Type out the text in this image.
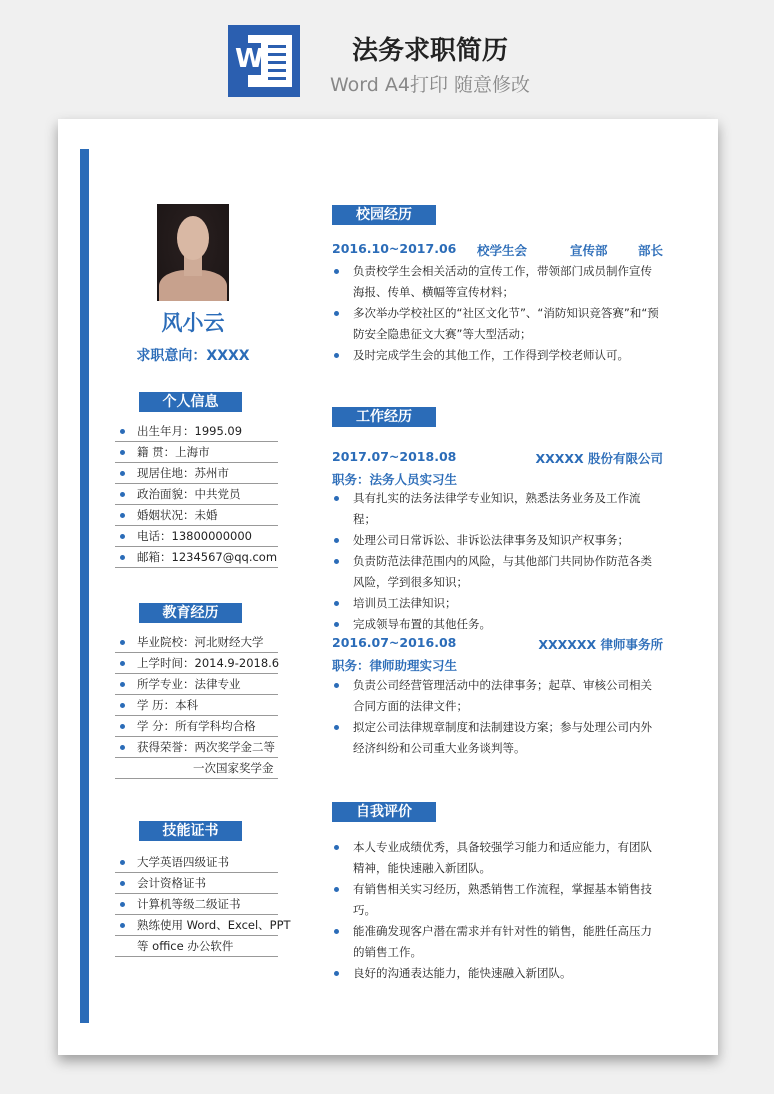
W	法务求职简历
Word A4打印 随意修改
风小云
求职意向：XXXX
个人信息
出生年月：1995.09
籍 贯：上海市
现居住地：苏州市
政治面貌：中共党员
婚姻状况：未婚
电话：13800000000
邮箱：1234567@qq.com
教育经历
毕业院校：河北财经大学
上学时间：2014.9-2018.6
所学专业：法律专业
学 历：本科
学 分：所有学科均合格
获得荣誉：两次奖学金二等
一次国家奖学金
技能证书
大学英语四级证书
会计资格证书
计算机等级二级证书
熟练使用 Word、Excel、PPT
等 office 办公软件
校园经历
2016.10~2017.06 校学生会	宣传部 部长
负责校学生会相关活动的宣传工作，带领部门成员制作宣传海报、传单、横幅等宣传材料；
多次举办学校社区的“社区文化节”、“消防知识竞答赛”和“预防安全隐患征文大赛”等大型活动；
及时完成学生会的其他工作，工作得到学校老师认可。
工作经历
2017.07~2018.08	XXXXX 股份有限公司
职务：法务人员实习生
具有扎实的法务法律学专业知识，熟悉法务业务及工作流程；
处理公司日常诉讼、非诉讼法律事务及知识产权事务；
负责防范法律范围内的风险，与其他部门共同协作防范各类风险，学到很多知识；
培训员工法律知识；
完成领导布置的其他任务。
2016.07~2016.08	XXXXXX 律师事务所
职务：律师助理实习生
负责公司经营管理活动中的法律事务；起草、审核公司相关合同方面的法律文件；
拟定公司法律规章制度和法制建设方案；参与处理公司内外经济纠纷和公司重大业务谈判等。
自我评价
本人专业成绩优秀，具备较强学习能力和适应能力，有团队精神，能快速融入新团队。
有销售相关实习经历，熟悉销售工作流程，掌握基本销售技巧。
能准确发现客户潜在需求并有针对性的销售，能胜任高压力的销售工作。
良好的沟通表达能力，能快速融入新团队。
